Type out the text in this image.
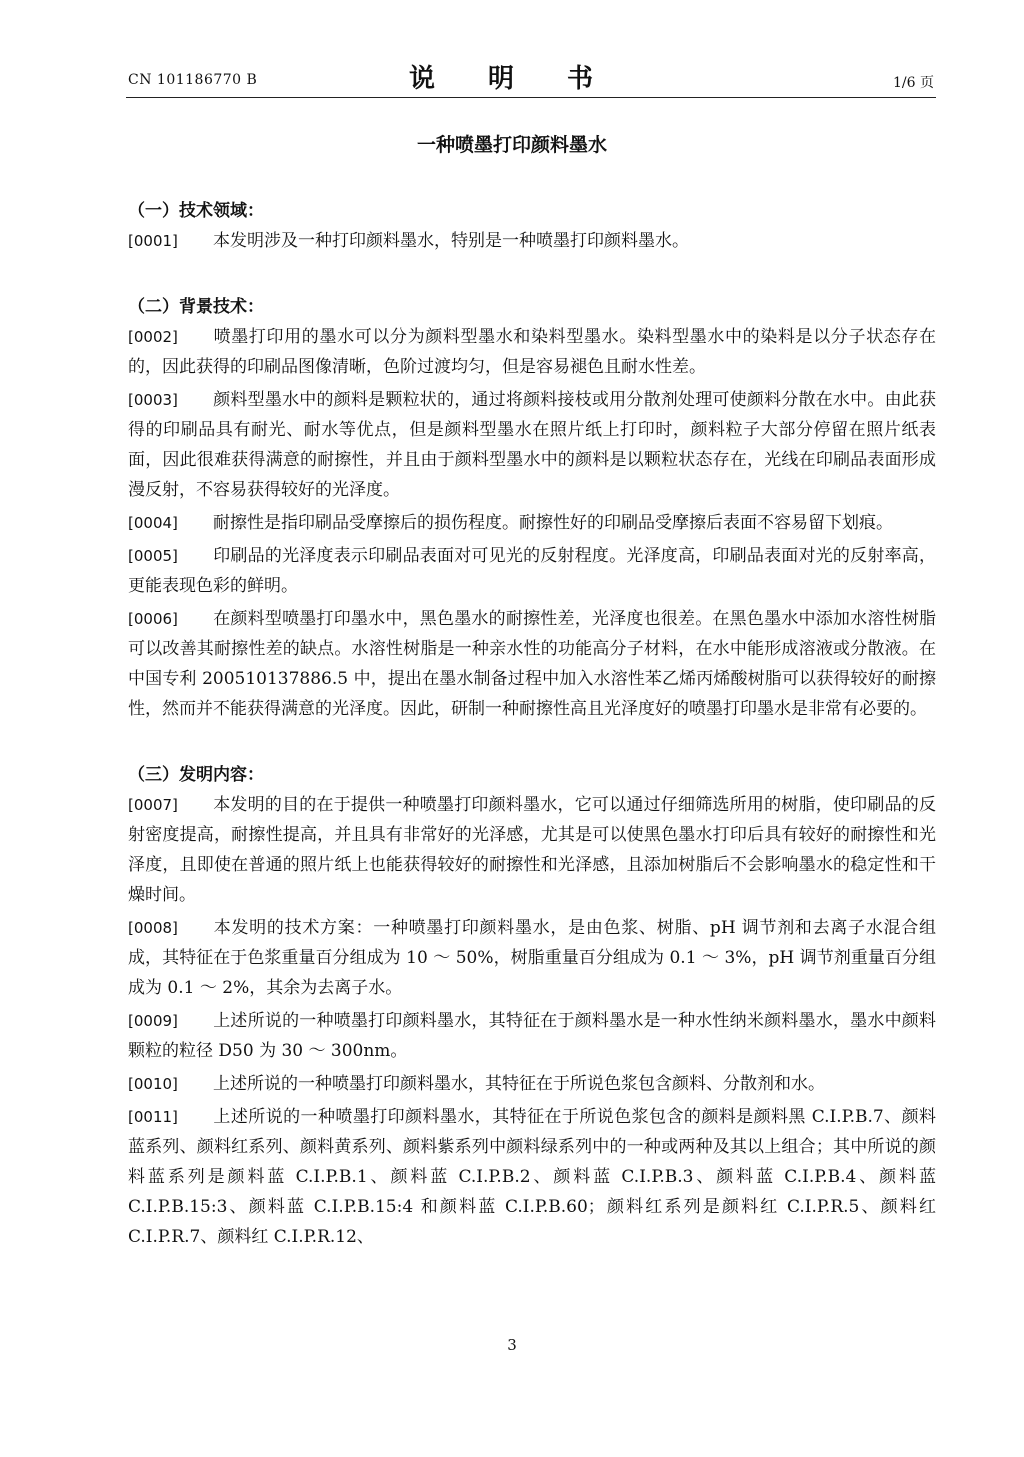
CN 101186770 B	说 明 书	1/6 页
一种喷墨打印颜料墨水
（一）技术领域：

[0001] 本发明涉及一种打印颜料墨水，特别是一种喷墨打印颜料墨水。

（二）背景技术：

[0002] 喷墨打印用的墨水可以分为颜料型墨水和染料型墨水。染料型墨水中的染料是以分子状态存在的，因此获得的印刷品图像清晰，色阶过渡均匀，但是容易褪色且耐水性差。

[0003] 颜料型墨水中的颜料是颗粒状的，通过将颜料接枝或用分散剂处理可使颜料分散在水中。由此获得的印刷品具有耐光、耐水等优点，但是颜料型墨水在照片纸上打印时，颜料粒子大部分停留在照片纸表面，因此很难获得满意的耐擦性，并且由于颜料型墨水中的颜料是以颗粒状态存在，光线在印刷品表面形成漫反射，不容易获得较好的光泽度。

[0004] 耐擦性是指印刷品受摩擦后的损伤程度。耐擦性好的印刷品受摩擦后表面不容易留下划痕。

[0005] 印刷品的光泽度表示印刷品表面对可见光的反射程度。光泽度高，印刷品表面对光的反射率高，更能表现色彩的鲜明。

[0006] 在颜料型喷墨打印墨水中，黑色墨水的耐擦性差，光泽度也很差。在黑色墨水中添加水溶性树脂可以改善其耐擦性差的缺点。水溶性树脂是一种亲水性的功能高分子材料，在水中能形成溶液或分散液。在中国专利 200510137886.5 中，提出在墨水制备过程中加入水溶性苯乙烯丙烯酸树脂可以获得较好的耐擦性，然而并不能获得满意的光泽度。因此，研制一种耐擦性高且光泽度好的喷墨打印墨水是非常有必要的。

（三）发明内容：

[0007] 本发明的目的在于提供一种喷墨打印颜料墨水，它可以通过仔细筛选所用的树脂，使印刷品的反射密度提高，耐擦性提高，并且具有非常好的光泽感，尤其是可以使黑色墨水打印后具有较好的耐擦性和光泽度，且即使在普通的照片纸上也能获得较好的耐擦性和光泽感，且添加树脂后不会影响墨水的稳定性和干燥时间。

[0008] 本发明的技术方案：一种喷墨打印颜料墨水，是由色浆、树脂、pH 调节剂和去离子水混合组成，其特征在于色浆重量百分组成为 10 ～ 50%，树脂重量百分组成为 0.1 ～ 3%，pH 调节剂重量百分组成为 0.1 ～ 2%，其余为去离子水。

[0009] 上述所说的一种喷墨打印颜料墨水，其特征在于颜料墨水是一种水性纳米颜料墨水，墨水中颜料颗粒的粒径 D50 为 30 ～ 300nm。

[0010] 上述所说的一种喷墨打印颜料墨水，其特征在于所说色浆包含颜料、分散剂和水。

[0011] 上述所说的一种喷墨打印颜料墨水，其特征在于所说色浆包含的颜料是颜料黑 C.I.P.B.7、颜料蓝系列、颜料红系列、颜料黄系列、颜料紫系列中颜料绿系列中的一种或两种及其以上组合；其中所说的颜料蓝系列是颜料蓝 C.I.P.B.1、颜料蓝 C.I.P.B.2、颜料蓝 C.I.P.B.3、颜料蓝 C.I.P.B.4、颜料蓝 C.I.P.B.15:3、颜料蓝 C.I.P.B.15:4 和颜料蓝 C.I.P.B.60；颜料红系列是颜料红 C.I.P.R.5、颜料红 C.I.P.R.7、颜料红 C.I.P.R.12、

3
